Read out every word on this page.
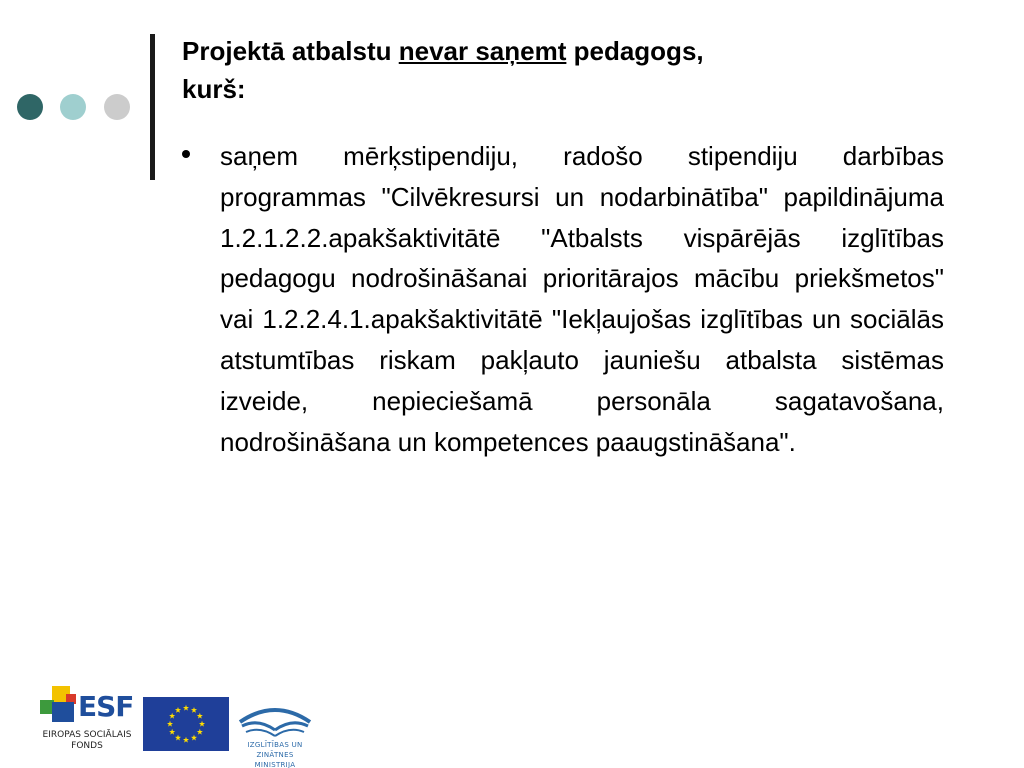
Projektā atbalstu nevar saņemt pedagogs,
kurš:
saņem mērķstipendiju, radošo stipendiju darbības programmas "Cilvēkresursi un nodarbinātība" papildinājuma 1.2.1.2.2.apakšaktivitātē "Atbalsts vispārējās izglītības pedagogu nodrošināšanai prioritārajos mācību priekšmetos" vai 1.2.2.4.1.apakšaktivitātē "Iekļaujošas izglītības un sociālās atstumtības riskam pakļauto jauniešu atbalsta sistēmas izveide, nepieciešamā personāla sagatavošana, nodrošināšana un kompetences paaugstināšana".
ESF
EIROPAS SOCIĀLAIS
FONDS	IZGLĪTĪBAS UN ZINĀTNES
MINISTRIJA
